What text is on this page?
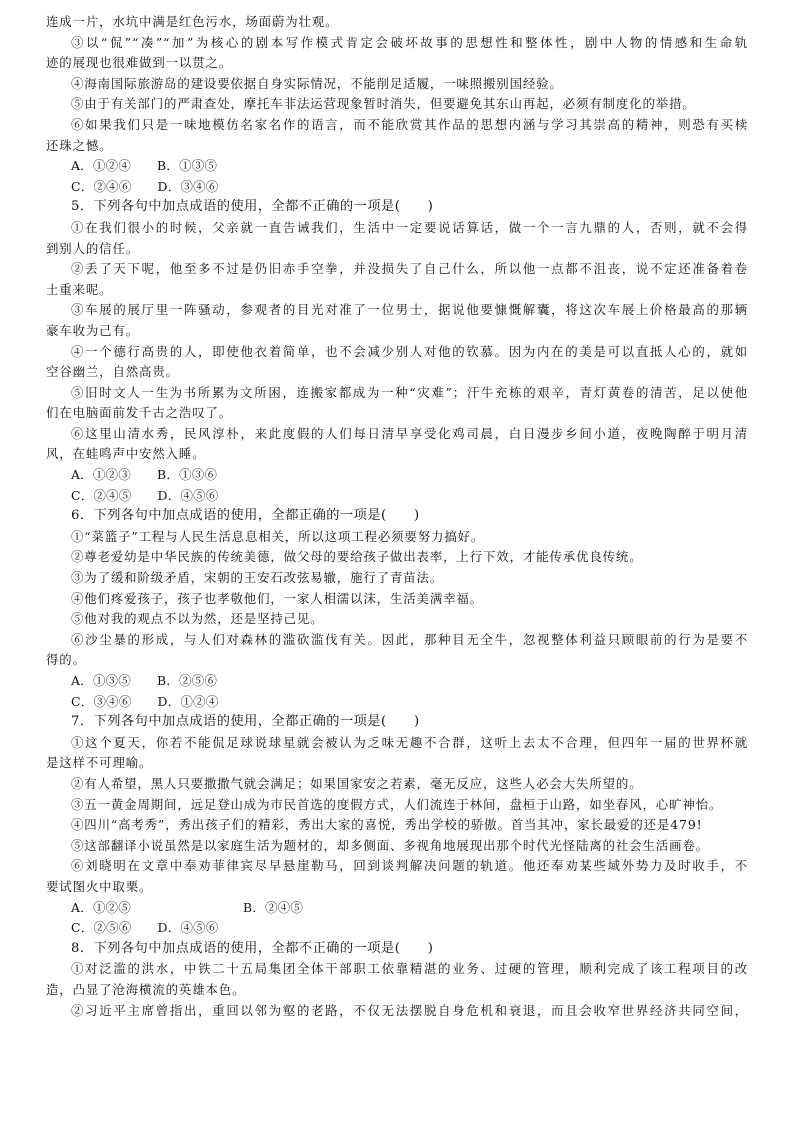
连成一片，水坑中满是红色污水，场面蔚为壮观。
③以“侃”“凑”“加”为核心的剧本写作模式肯定会破坏故事的思想性和整体性，剧中人物的情感和生命轨
迹的展现也很难做到一以贯之。
④海南国际旅游岛的建设要依据自身实际情况，不能削足适履，一味照搬别国经验。
⑤由于有关部门的严肃查处，摩托车非法运营现象暂时消失，但要避免其东山再起，必须有制度化的举措。
⑥如果我们只是一味地模仿名家名作的语言，而不能欣赏其作品的思想内涵与学习其崇高的精神，则恐有买椟
还珠之憾。
A．①②④ B．①③⑤
C．②④⑥ D．③④⑥
5．下列各句中加点成语的使用，全都不正确的一项是(　　)
①在我们很小的时候，父亲就一直告诫我们，生活中一定要说话算话，做一个一言九鼎的人，否则，就不会得
到别人的信任。
②丢了天下呢，他至多不过是仍旧赤手空拳，并没损失了自己什么，所以他一点都不沮丧，说不定还准备着卷
土重来呢。
③车展的展厅里一阵骚动，参观者的目光对准了一位男士，据说他要慷慨解囊，将这次车展上价格最高的那辆
豪车收为己有。
④一个德行高贵的人，即使他衣着简单，也不会减少别人对他的钦慕。因为内在的美是可以直抵人心的，就如
空谷幽兰，自然高贵。
⑤旧时文人一生为书所累为文所困，连搬家都成为一种“灾难”；汗牛充栋的艰辛，青灯黄卷的清苦，足以使他
们在电脑面前发千古之浩叹了。
⑥这里山清水秀，民风淳朴，来此度假的人们每日清早享受化鸡司晨，白日漫步乡间小道，夜晚陶醉于明月清
风，在蛙鸣声中安然入睡。
A．①②③ B．①③⑥
C．②④⑤ D．④⑤⑥
6．下列各句中加点成语的使用，全都正确的一项是(　　)
①“菜篮子”工程与人民生活息息相关，所以这项工程必须要努力搞好。
②尊老爱幼是中华民族的传统美德，做父母的要给孩子做出表率，上行下效，才能传承优良传统。
③为了缓和阶级矛盾，宋朝的王安石改弦易辙，施行了青苗法。
④他们疼爱孩子，孩子也孝敬他们，一家人相濡以沫，生活美满幸福。
⑤他对我的观点不以为然，还是坚持己见。
⑥沙尘暴的形成，与人们对森林的滥砍滥伐有关。因此，那种目无全牛，忽视整体利益只顾眼前的行为是要不
得的。
A．①③⑤ B．②⑤⑥
C．③④⑥ D．①②④
7．下列各句中加点成语的使用，全都正确的一项是(　　)
①这个夏天，你若不能侃足球说球星就会被认为乏味无趣不合群，这听上去太不合理，但四年一届的世界杯就
是这样不可理喻。
②有人希望，黑人只要撒撒气就会满足；如果国家安之若素，毫无反应，这些人必会大失所望的。
③五一黄金周期间，远足登山成为市民首选的度假方式，人们流连于林间，盘桓于山路，如坐春风，心旷神怡。
④四川“高考秀”，秀出孩子们的精彩，秀出大家的喜悦，秀出学校的骄傲。首当其冲，家长最爱的还是479!
⑤这部翻译小说虽然是以家庭生活为题材的，却多侧面、多视角地展现出那个时代光怪陆离的社会生活画卷。
⑥刘晓明在文章中奉劝菲律宾尽早悬崖勒马，回到谈判解决问题的轨道。他还奉劝某些域外势力及时收手，不
要试图火中取栗。
A．①②⑤	B．②④⑤
C．②⑤⑥ D．④⑤⑥
8．下列各句中加点成语的使用，全都不正确的一项是(　　)
①对泛滥的洪水，中铁二十五局集团全体干部职工依靠精湛的业务、过硬的管理，顺利完成了该工程项目的改
造，凸显了沧海横流的英雄本色。
②习近平主席曾指出，重回以邻为壑的老路，不仅无法摆脱自身危机和衰退，而且会收窄世界经济共同空间，
